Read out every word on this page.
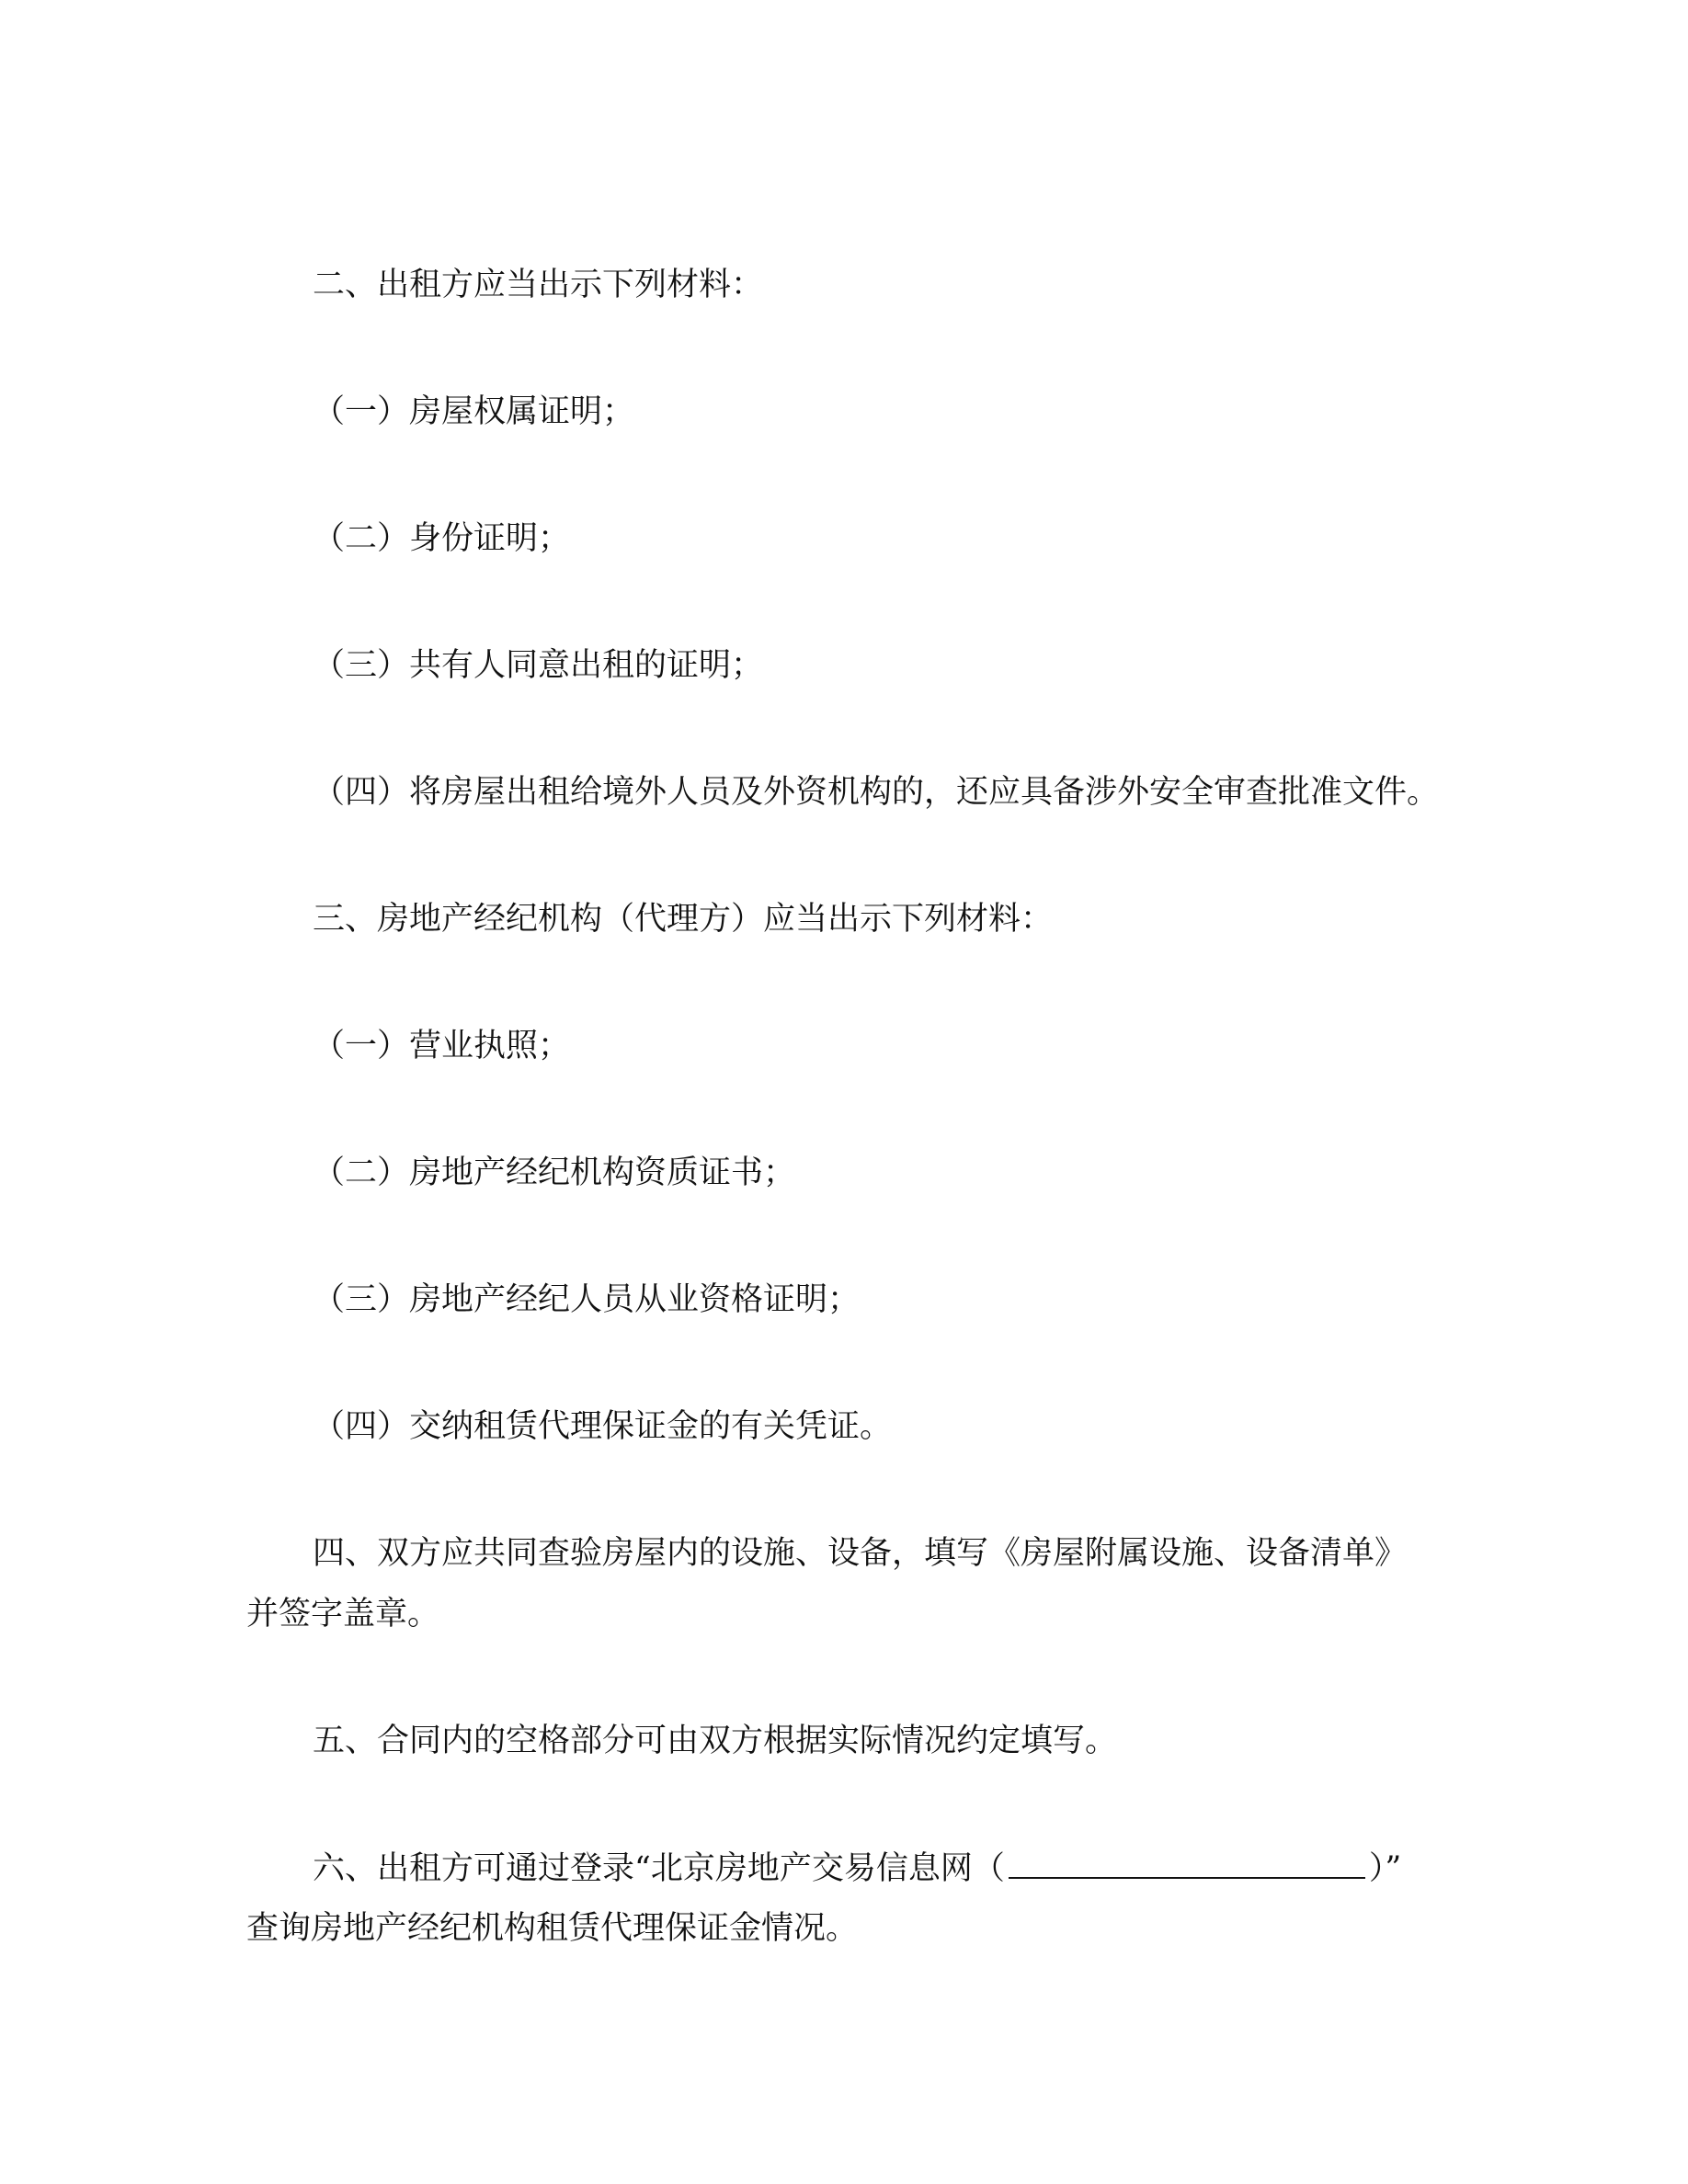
二、出租方应当出示下列材料：

（一）房屋权属证明；

（二）身份证明；

（三）共有人同意出租的证明；

（四）将房屋出租给境外人员及外资机构的，还应具备涉外安全审查批准文件。

三、房地产经纪机构（代理方）应当出示下列材料：

（一）营业执照；

（二）房地产经纪机构资质证书；

（三）房地产经纪人员从业资格证明；

（四）交纳租赁代理保证金的有关凭证。

四、双方应共同查验房屋内的设施、设备，填写《房屋附属设施、设备清单》

并签字盖章。

五、合同内的空格部分可由双方根据实际情况约定填写。

六、出租方可通过登录“北京房地产交易信息网（	）”

查询房地产经纪机构租赁代理保证金情况。
